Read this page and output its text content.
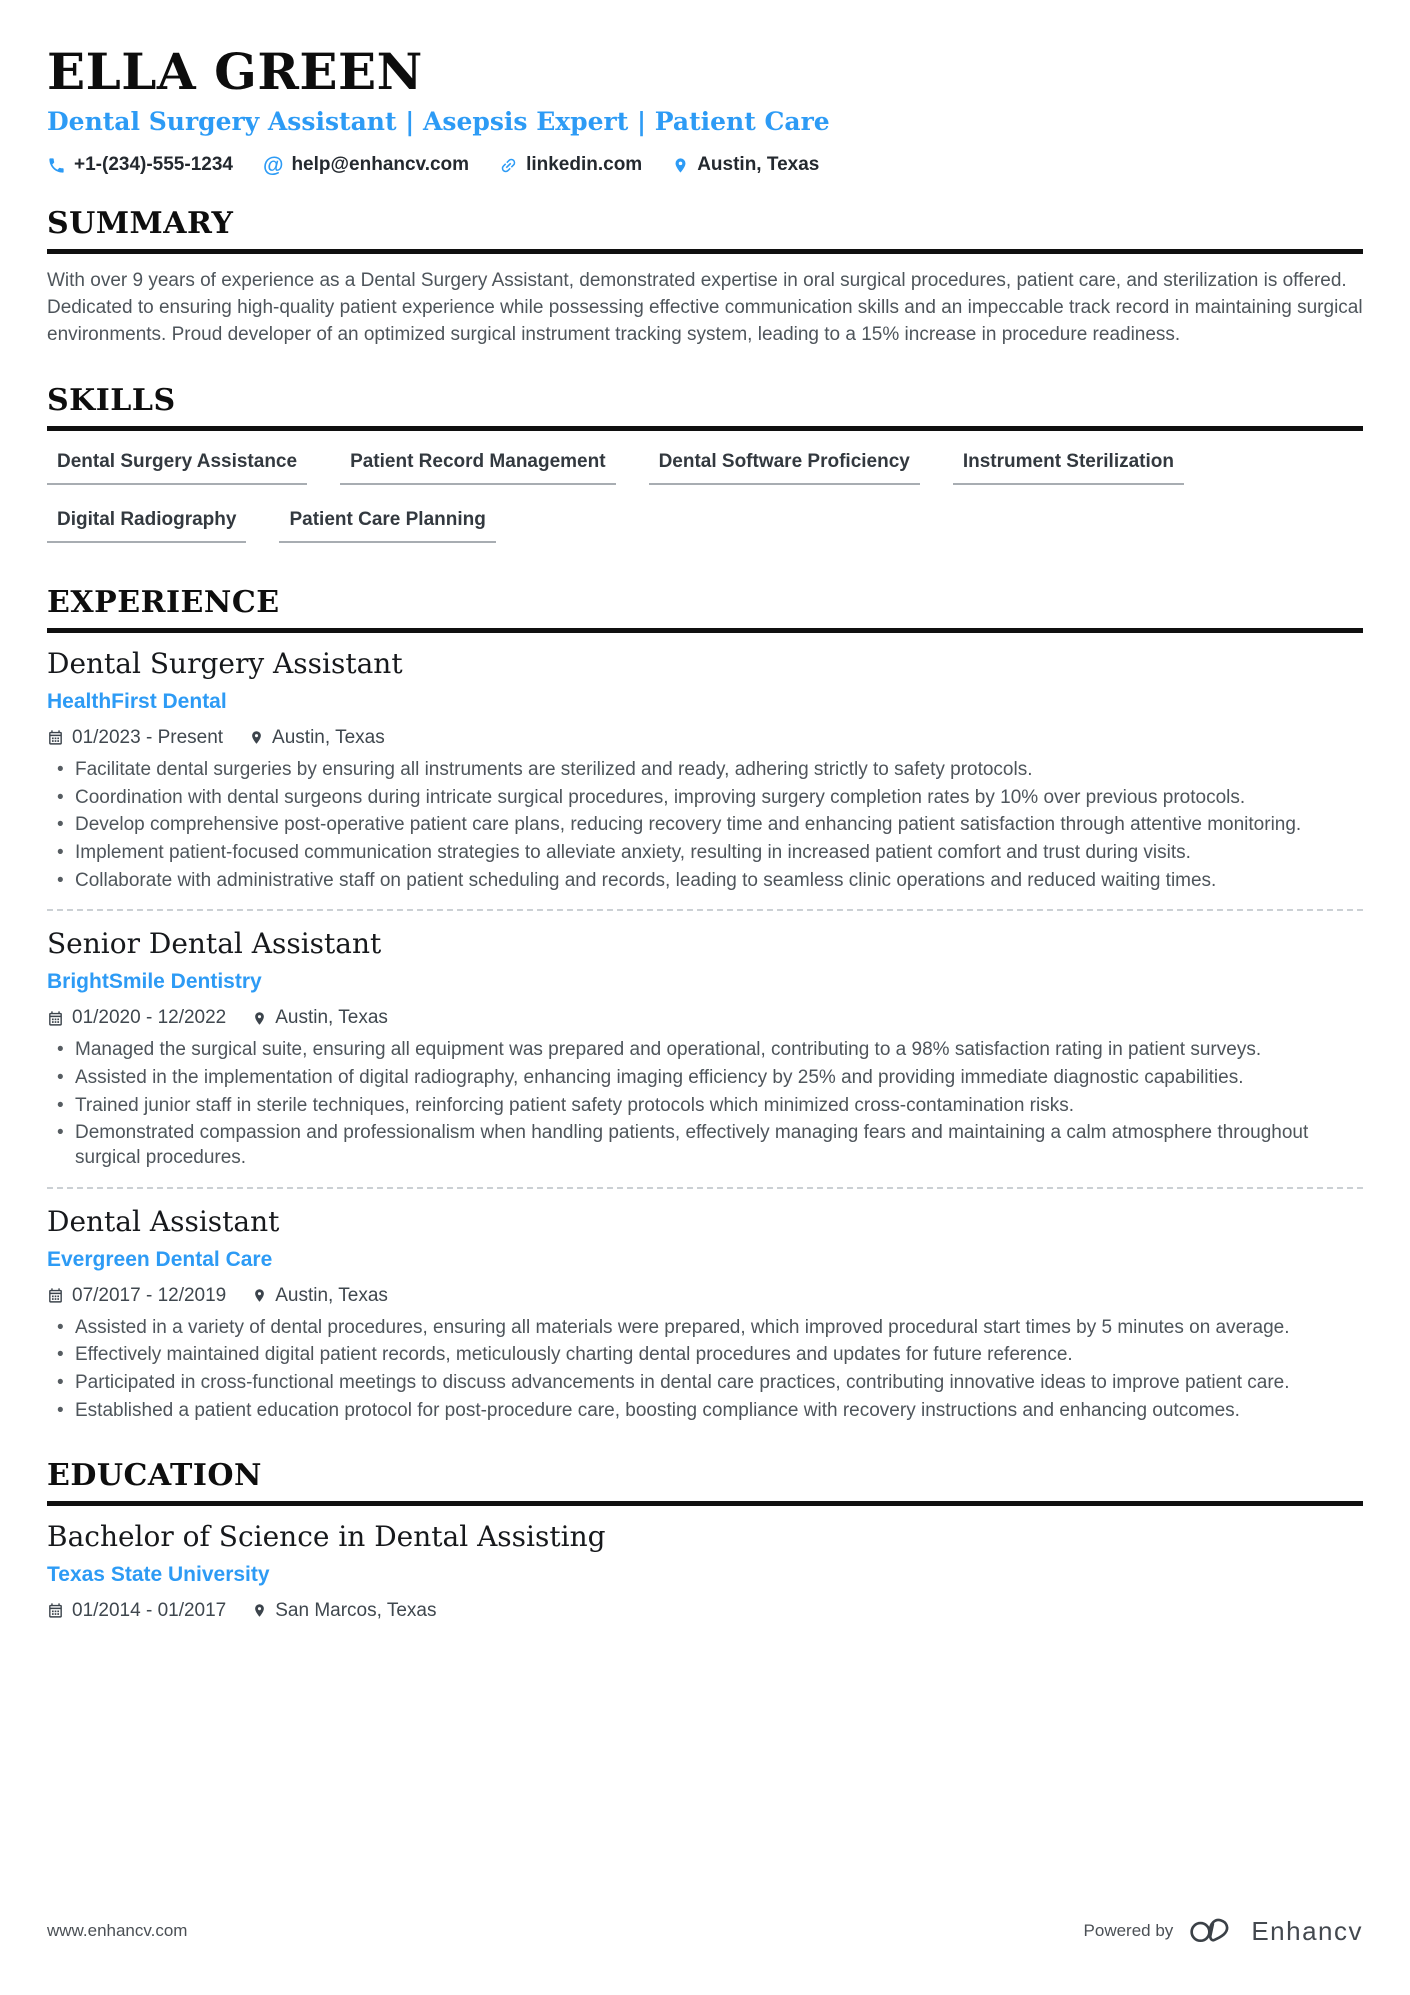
ELLA GREEN
Dental Surgery Assistant | Asepsis Expert | Patient Care
+1-(234)-555-1234 @ help@enhancv.com	linkedin.com	Austin, Texas
SUMMARY

With over 9 years of experience as a Dental Surgery Assistant, demonstrated expertise in oral surgical procedures, patient care, and sterilization is offered. Dedicated to ensuring high-quality patient experience while possessing effective communication skills and an impeccable track record in maintaining surgical environments. Proud developer of an optimized surgical instrument tracking system, leading to a 15% increase in procedure readiness.

SKILLS
Dental Surgery Assistance	Patient Record Management	Dental Software Proficiency	Instrument Sterilization
Digital Radiography	Patient Care Planning
EXPERIENCE
Dental Surgery Assistant
HealthFirst Dental
01/2023 - Present	Austin, Texas
• Facilitate dental surgeries by ensuring all instruments are sterilized and ready, adhering strictly to safety protocols.
• Coordination with dental surgeons during intricate surgical procedures, improving surgery completion rates by 10% over previous protocols.
• Develop comprehensive post-operative patient care plans, reducing recovery time and enhancing patient satisfaction through attentive monitoring.
• Implement patient-focused communication strategies to alleviate anxiety, resulting in increased patient comfort and trust during visits.
• Collaborate with administrative staff on patient scheduling and records, leading to seamless clinic operations and reduced waiting times.
Senior Dental Assistant
BrightSmile Dentistry
01/2020 - 12/2022	Austin, Texas
• Managed the surgical suite, ensuring all equipment was prepared and operational, contributing to a 98% satisfaction rating in patient surveys.
• Assisted in the implementation of digital radiography, enhancing imaging efficiency by 25% and providing immediate diagnostic capabilities.
• Trained junior staff in sterile techniques, reinforcing patient safety protocols which minimized cross-contamination risks.
• Demonstrated compassion and professionalism when handling patients, effectively managing fears and maintaining a calm atmosphere throughout surgical procedures.
Dental Assistant
Evergreen Dental Care
07/2017 - 12/2019	Austin, Texas
• Assisted in a variety of dental procedures, ensuring all materials were prepared, which improved procedural start times by 5 minutes on average.
• Effectively maintained digital patient records, meticulously charting dental procedures and updates for future reference.
• Participated in cross-functional meetings to discuss advancements in dental care practices, contributing innovative ideas to improve patient care.
• Established a patient education protocol for post-procedure care, boosting compliance with recovery instructions and enhancing outcomes.
EDUCATION
Bachelor of Science in Dental Assisting
Texas State University
01/2014 - 01/2017	San Marcos, Texas
www.enhancv.com	Powered by	Enhancv
